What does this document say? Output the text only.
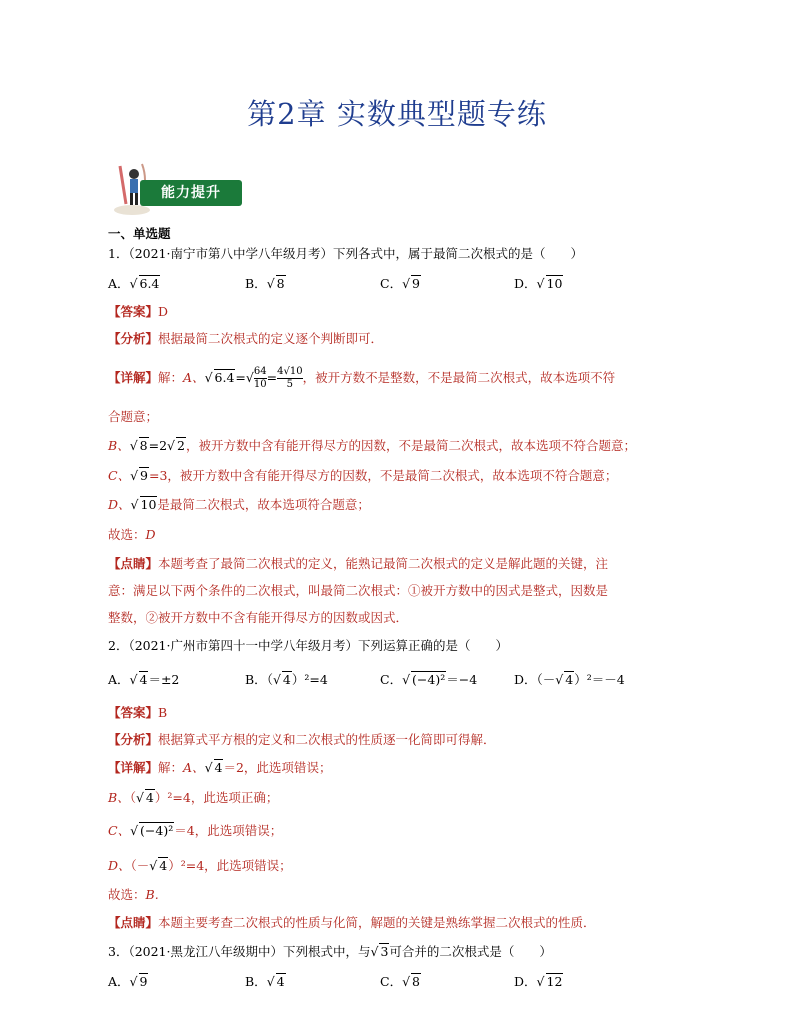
第2章 实数典型题专练
能力提升
一、单选题
1．（2021·南宁市第八中学八年级月考）下列各式中，属于最简二次根式的是（　　）
A．√ 6.4	B．√ 8	C．√ 9	D．√ 10
【答案】D
【分析】根据最简二次根式的定义逐个判断即可．
【详解】解：A、√ $6.4=√ \frac{64}{10} = \frac{4√10}{5}$ ，被开方数不是整数，不是最简二次根式，故本选项不符
合题意；
B、√ 8=2√ 2，被开方数中含有能开得尽方的因数，不是最简二次根式，故本选项不符合题意；
C、√ 9=3，被开方数中含有能开得尽方的因数，不是最简二次根式，故本选项不符合题意；
D、√ 10是最简二次根式，故本选项符合题意；
故选：D
【点睛】本题考查了最简二次根式的定义，能熟记最简二次根式的定义是解此题的关键，注
意：满足以下两个条件的二次根式，叫最简二次根式：①被开方数中的因式是整式，因数是
整数，②被开方数中不含有能开得尽方的因数或因式．
2．（2021·广州市第四十一中学八年级月考）下列运算正确的是（　　）
A．√ 4＝±2	B．（√ 4）²=4	C．√ (−4)²＝−4	D．（－√ 4）²＝－4
【答案】B
【分析】根据算式平方根的定义和二次根式的性质逐一化简即可得解．
【详解】解：A、√ 4＝2，此选项错误；
B、（√ 4）²=4，此选项正确；
C、√ (−4)²＝4，此选项错误；
D、（－√ 4）²=4，此选项错误；
故选：B.
【点睛】本题主要考查二次根式的性质与化简，解题的关键是熟练掌握二次根式的性质．
3．（2021·黑龙江八年级期中）下列根式中，与√ 3可合并的二次根式是（　　）
A．√ 9	B．√ 4	C．√ 8	D．√ 12
